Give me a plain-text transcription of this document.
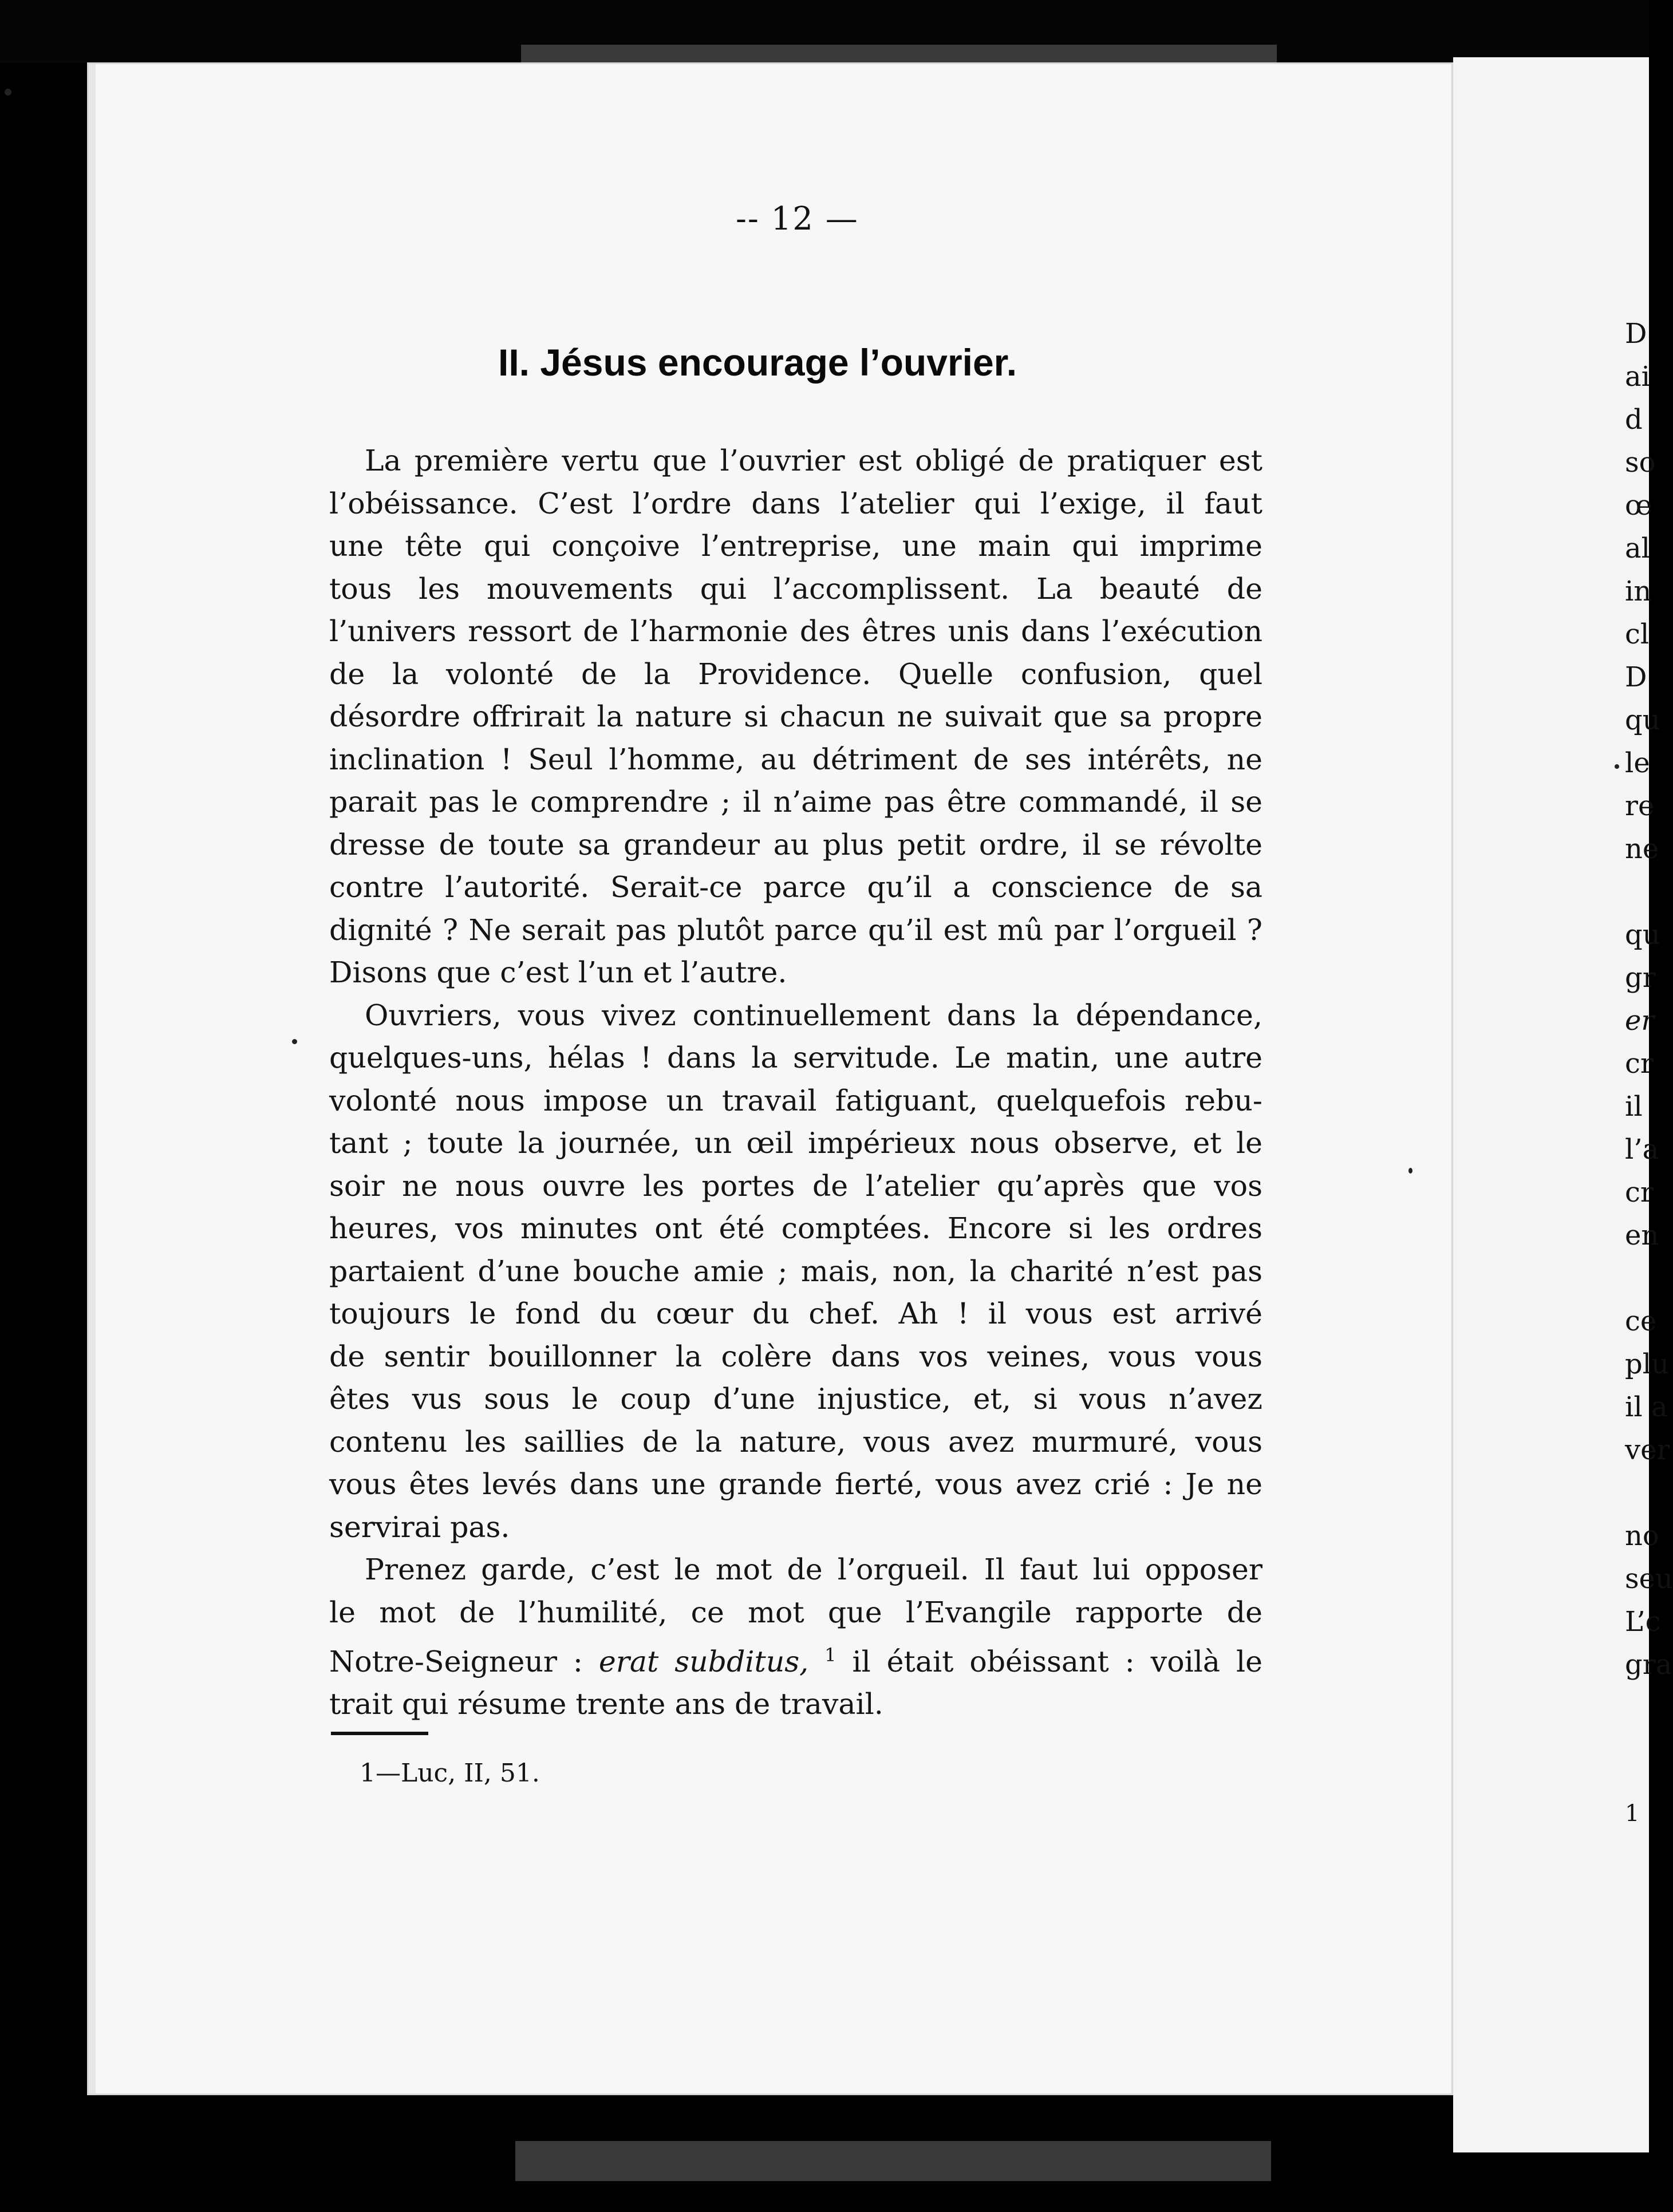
D
ai
d
so
œ
al
in
cl
D
qu
le
re
ne
qu
gr
er
cr
il
l’a
cr
en
ce
plu
il a
ver
no
seu
L’c
gra
1
-- 12 —
II. Jésus encourage l’ouvrier.

La première vertu que l’ouvrier est obligé de pratiquer est
l’obéissance. C’est l’ordre dans l’atelier qui l’exige, il faut
une tête qui conçoive l’entreprise, une main qui imprime
tous les mouvements qui l’accomplissent. La beauté de
l’univers ressort de l’harmonie des êtres unis dans l’exécution
de la volonté de la Providence. Quelle confusion, quel
désordre offrirait la nature si chacun ne suivait que sa propre
inclination ! Seul l’homme, au détriment de ses intérêts, ne
parait pas le comprendre ; il n’aime pas être commandé, il se
dresse de toute sa grandeur au plus petit ordre, il se révolte
contre l’autorité. Serait-ce parce qu’il a conscience de sa
dignité ? Ne serait pas plutôt parce qu’il est mû par l’orgueil ?
Disons que c’est l’un et l’autre.

Ouvriers, vous vivez continuellement dans la dépendance,
quelques-uns, hélas ! dans la servitude. Le matin, une autre
volonté nous impose un travail fatiguant, quelquefois rebu-
tant ; toute la journée, un œil impérieux nous observe, et le
soir ne nous ouvre les portes de l’atelier qu’après que vos
heures, vos minutes ont été comptées. Encore si les ordres
partaient d’une bouche amie ; mais, non, la charité n’est pas
toujours le fond du cœur du chef. Ah ! il vous est arrivé
de sentir bouillonner la colère dans vos veines, vous vous
êtes vus sous le coup d’une injustice, et, si vous n’avez
contenu les saillies de la nature, vous avez murmuré, vous
vous êtes levés dans une grande fierté, vous avez crié : Je ne
servirai pas.

Prenez garde, c’est le mot de l’orgueil. Il faut lui opposer
le mot de l’humilité, ce mot que l’Evangile rapporte de
Notre-Seigneur : erat subditus, $^1$ il était obéissant : voilà le
trait qui résume trente ans de travail.

1—Luc, II, 51.
